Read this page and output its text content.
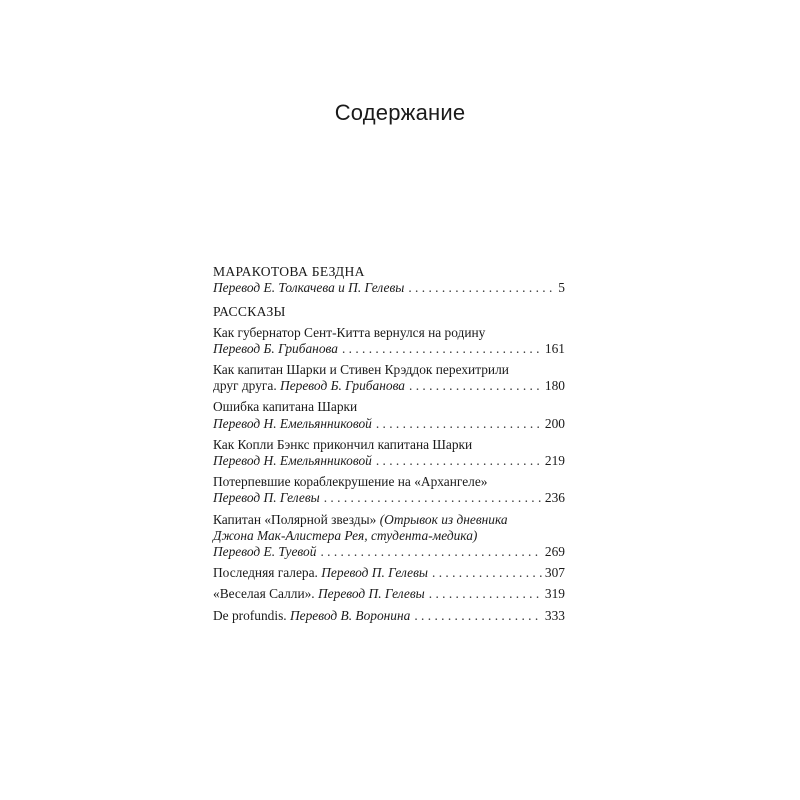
Содержание
МАРАКОТОВА БЕЗДНА
Перевод Е. Толкачева и П. Гелевы . . .	5
РАССКАЗЫ
Как губернатор Сент-Китта вернулся на родину
Перевод Б. Грибанова . . .	161
Как капитан Шарки и Стивен Крэддок перехитрили
друг друга. Перевод Б. Грибанова . . .	180
Ошибка капитана Шарки
Перевод Н. Емельянниковой . . .	200
Как Копли Бэнкс прикончил капитана Шарки
Перевод Н. Емельянниковой . . .	219
Потерпевшие кораблекрушение на «Архангеле»
Перевод П. Гелевы . . .	236
Капитан «Полярной звезды» (Отрывок из дневника
Джона Мак-Алистера Рея, студента-медика)
Перевод Е. Туевой . . .	269
Последняя галера. Перевод П. Гелевы . . .	307
«Веселая Салли». Перевод П. Гелевы . . .	319
De profundis. Перевод В. Воронина . . .	333
